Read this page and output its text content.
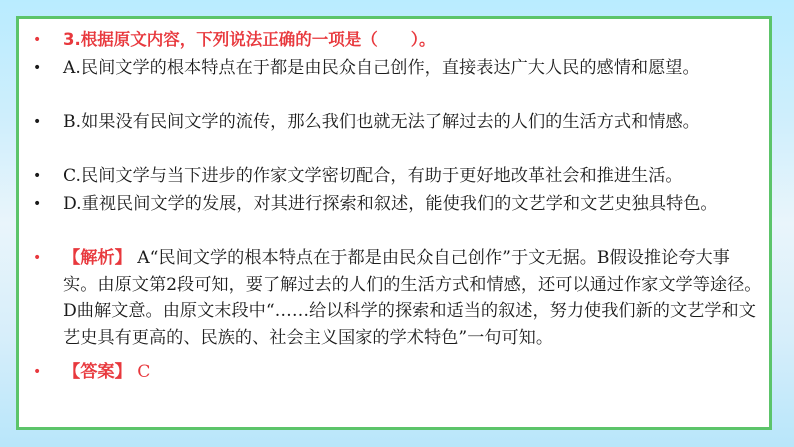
•	3.根据原文内容，下列说法正确的一项是（　　）。
•	A.民间文学的根本特点在于都是由民众自己创作，直接表达广大人民的感情和愿望。
•	B.如果没有民间文学的流传，那么我们也就无法了解过去的人们的生活方式和情感。
•	C.民间文学与当下进步的作家文学密切配合，有助于更好地改革社会和推进生活。
•	D.重视民间文学的发展，对其进行探索和叙述，能使我们的文艺学和文艺史独具特色。
•	【解析】 A“民间文学的根本特点在于都是由民众自己创作”于文无据。B假设推论夸大事实。由原文第2段可知，要了解过去的人们的生活方式和情感，还可以通过作家文学等途径。D曲解文意。由原文末段中“……给以科学的探索和适当的叙述，努力使我们新的文艺学和文艺史具有更高的、民族的、社会主义国家的学术特色”一句可知。
•	【答案】 C
